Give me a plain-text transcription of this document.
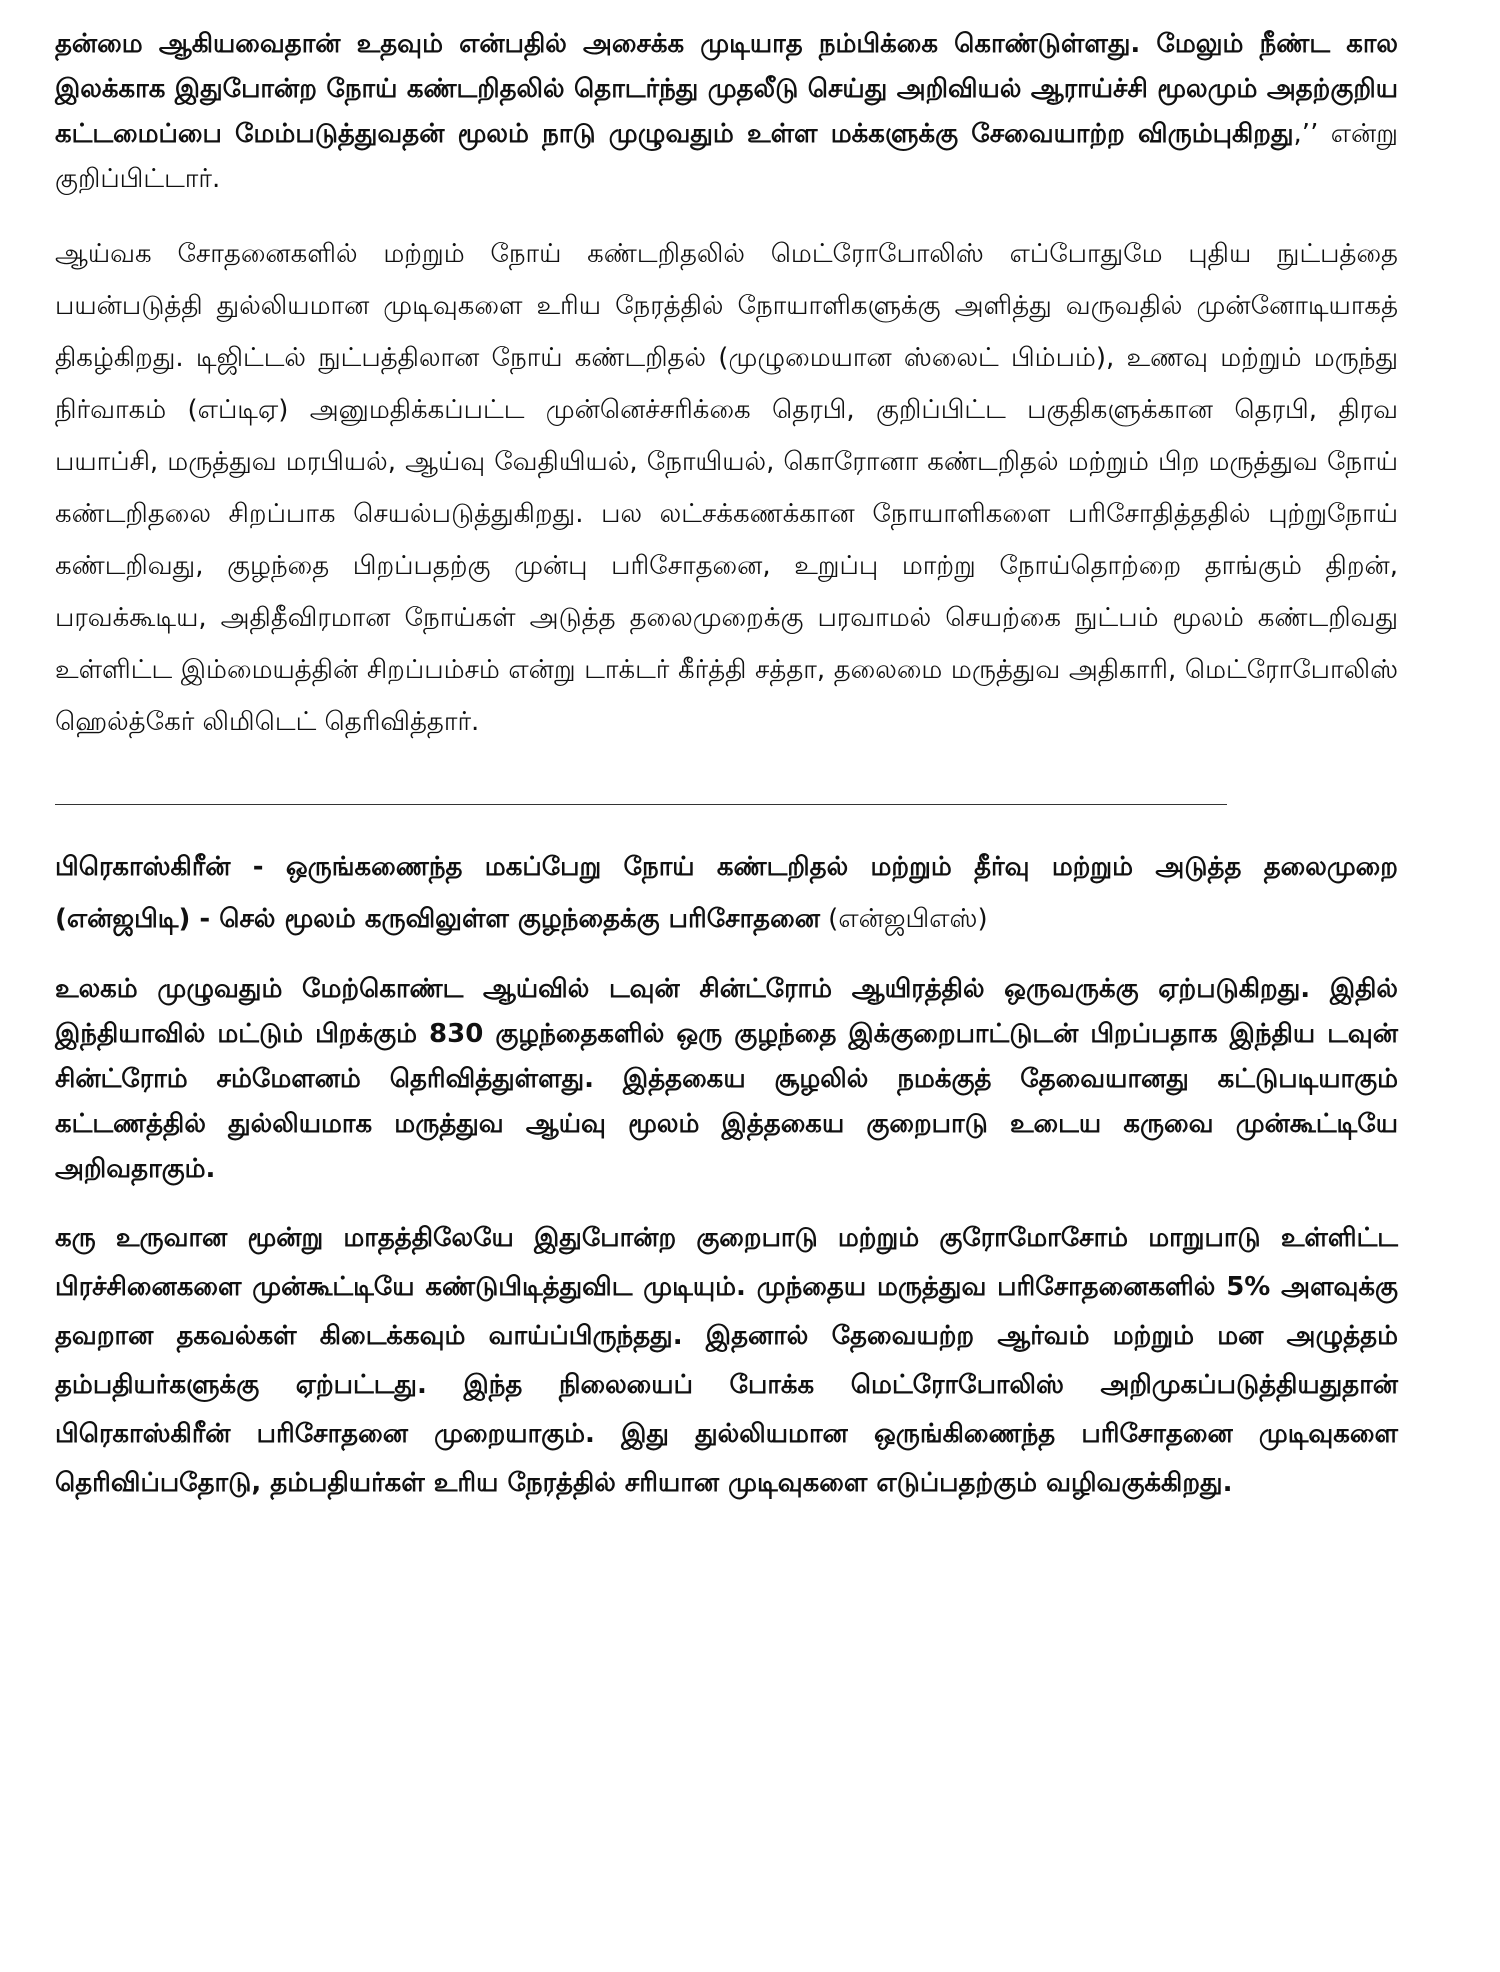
தன்மை ஆகியவைதான் உதவும் என்பதில் அசைக்க முடியாத நம்பிக்கை கொண்டுள்ளது. மேலும் நீண்ட கால இலக்காக இதுபோன்ற நோய் கண்டறிதலில் தொடர்ந்து முதலீடு செய்து அறிவியல் ஆராய்ச்சி மூலமும் அதற்குறிய கட்டமைப்பை மேம்படுத்துவதன் மூலம் நாடு முழுவதும் உள்ள மக்களுக்கு சேவையாற்ற விரும்புகிறது,’’ என்று குறிப்பிட்டார்.

ஆய்வக சோதனைகளில் மற்றும் நோய் கண்டறிதலில் மெட்ரோபோலிஸ் எப்போதுமே புதிய நுட்பத்தை பயன்படுத்தி துல்லியமான முடிவுகளை உரிய நேரத்தில் நோயாளிகளுக்கு அளித்து வருவதில் முன்னோடியாகத் திகழ்கிறது. டிஜிட்டல் நுட்பத்திலான நோய் கண்டறிதல் (முழுமையான ஸ்லைட் பிம்பம்), உணவு மற்றும் மருந்து நிர்வாகம் (எப்டிஏ) அனுமதிக்கப்பட்ட முன்னெச்சரிக்கை தெரபி, குறிப்பிட்ட பகுதிகளுக்கான தெரபி, திரவ பயாப்சி, மருத்துவ மரபியல், ஆய்வு வேதியியல், நோயியல், கொரோனா கண்டறிதல் மற்றும் பிற மருத்துவ நோய் கண்டறிதலை சிறப்பாக செயல்படுத்துகிறது. பல லட்சக்கணக்கான நோயாளிகளை பரிசோதித்ததில் புற்றுநோய் கண்டறிவது, குழந்தை பிறப்பதற்கு முன்பு பரிசோதனை, உறுப்பு மாற்று நோய்தொற்றை தாங்கும் திறன், பரவக்கூடிய, அதிதீவிரமான நோய்கள் அடுத்த தலைமுறைக்கு பரவாமல் செயற்கை நுட்பம் மூலம் கண்டறிவது உள்ளிட்ட இம்மையத்தின் சிறப்பம்சம் என்று டாக்டர் கீர்த்தி சத்தா, தலைமை மருத்துவ அதிகாரி, மெட்ரோபோலிஸ் ஹெல்த்கேர் லிமிடெட் தெரிவித்தார்.

பிரெகாஸ்கிரீன் - ஒருங்கணைந்த மகப்பேறு நோய் கண்டறிதல் மற்றும் தீர்வு மற்றும் அடுத்த தலைமுறை (என்ஜபிடி) - செல் மூலம் கருவிலுள்ள குழந்தைக்கு பரிசோதனை (என்ஜபிஎஸ்)

உலகம் முழுவதும் மேற்கொண்ட ஆய்வில் டவுன் சின்ட்ரோம் ஆயிரத்தில் ஒருவருக்கு ஏற்படுகிறது. இதில் இந்தியாவில் மட்டும் பிறக்கும் 830 குழந்தைகளில் ஒரு குழந்தை இக்குறைபாட்டுடன் பிறப்பதாக இந்திய டவுன் சின்ட்ரோம் சம்மேளனம் தெரிவித்துள்ளது. இத்தகைய சூழலில் நமக்குத் தேவையானது கட்டுபடியாகும் கட்டணத்தில் துல்லியமாக மருத்துவ ஆய்வு மூலம் இத்தகைய குறைபாடு உடைய கருவை முன்கூட்டியே அறிவதாகும்.

கரு உருவான மூன்று மாதத்திலேயே இதுபோன்ற குறைபாடு மற்றும் குரோமோசோம் மாறுபாடு உள்ளிட்ட பிரச்சினைகளை முன்கூட்டியே கண்டுபிடித்துவிட முடியும். முந்தைய மருத்துவ பரிசோதனைகளில் 5% அளவுக்கு தவறான தகவல்கள் கிடைக்கவும் வாய்ப்பிருந்தது. இதனால் தேவையற்ற ஆர்வம் மற்றும் மன அழுத்தம் தம்பதியர்களுக்கு ஏற்பட்டது. இந்த நிலையைப் போக்க மெட்ரோபோலிஸ் அறிமுகப்படுத்தியதுதான் பிரெகாஸ்கிரீன் பரிசோதனை முறையாகும். இது துல்லியமான ஒருங்கிணைந்த பரிசோதனை முடிவுகளை தெரிவிப்பதோடு, தம்பதியர்கள் உரிய நேரத்தில் சரியான முடிவுகளை எடுப்பதற்கும் வழிவகுக்கிறது.
